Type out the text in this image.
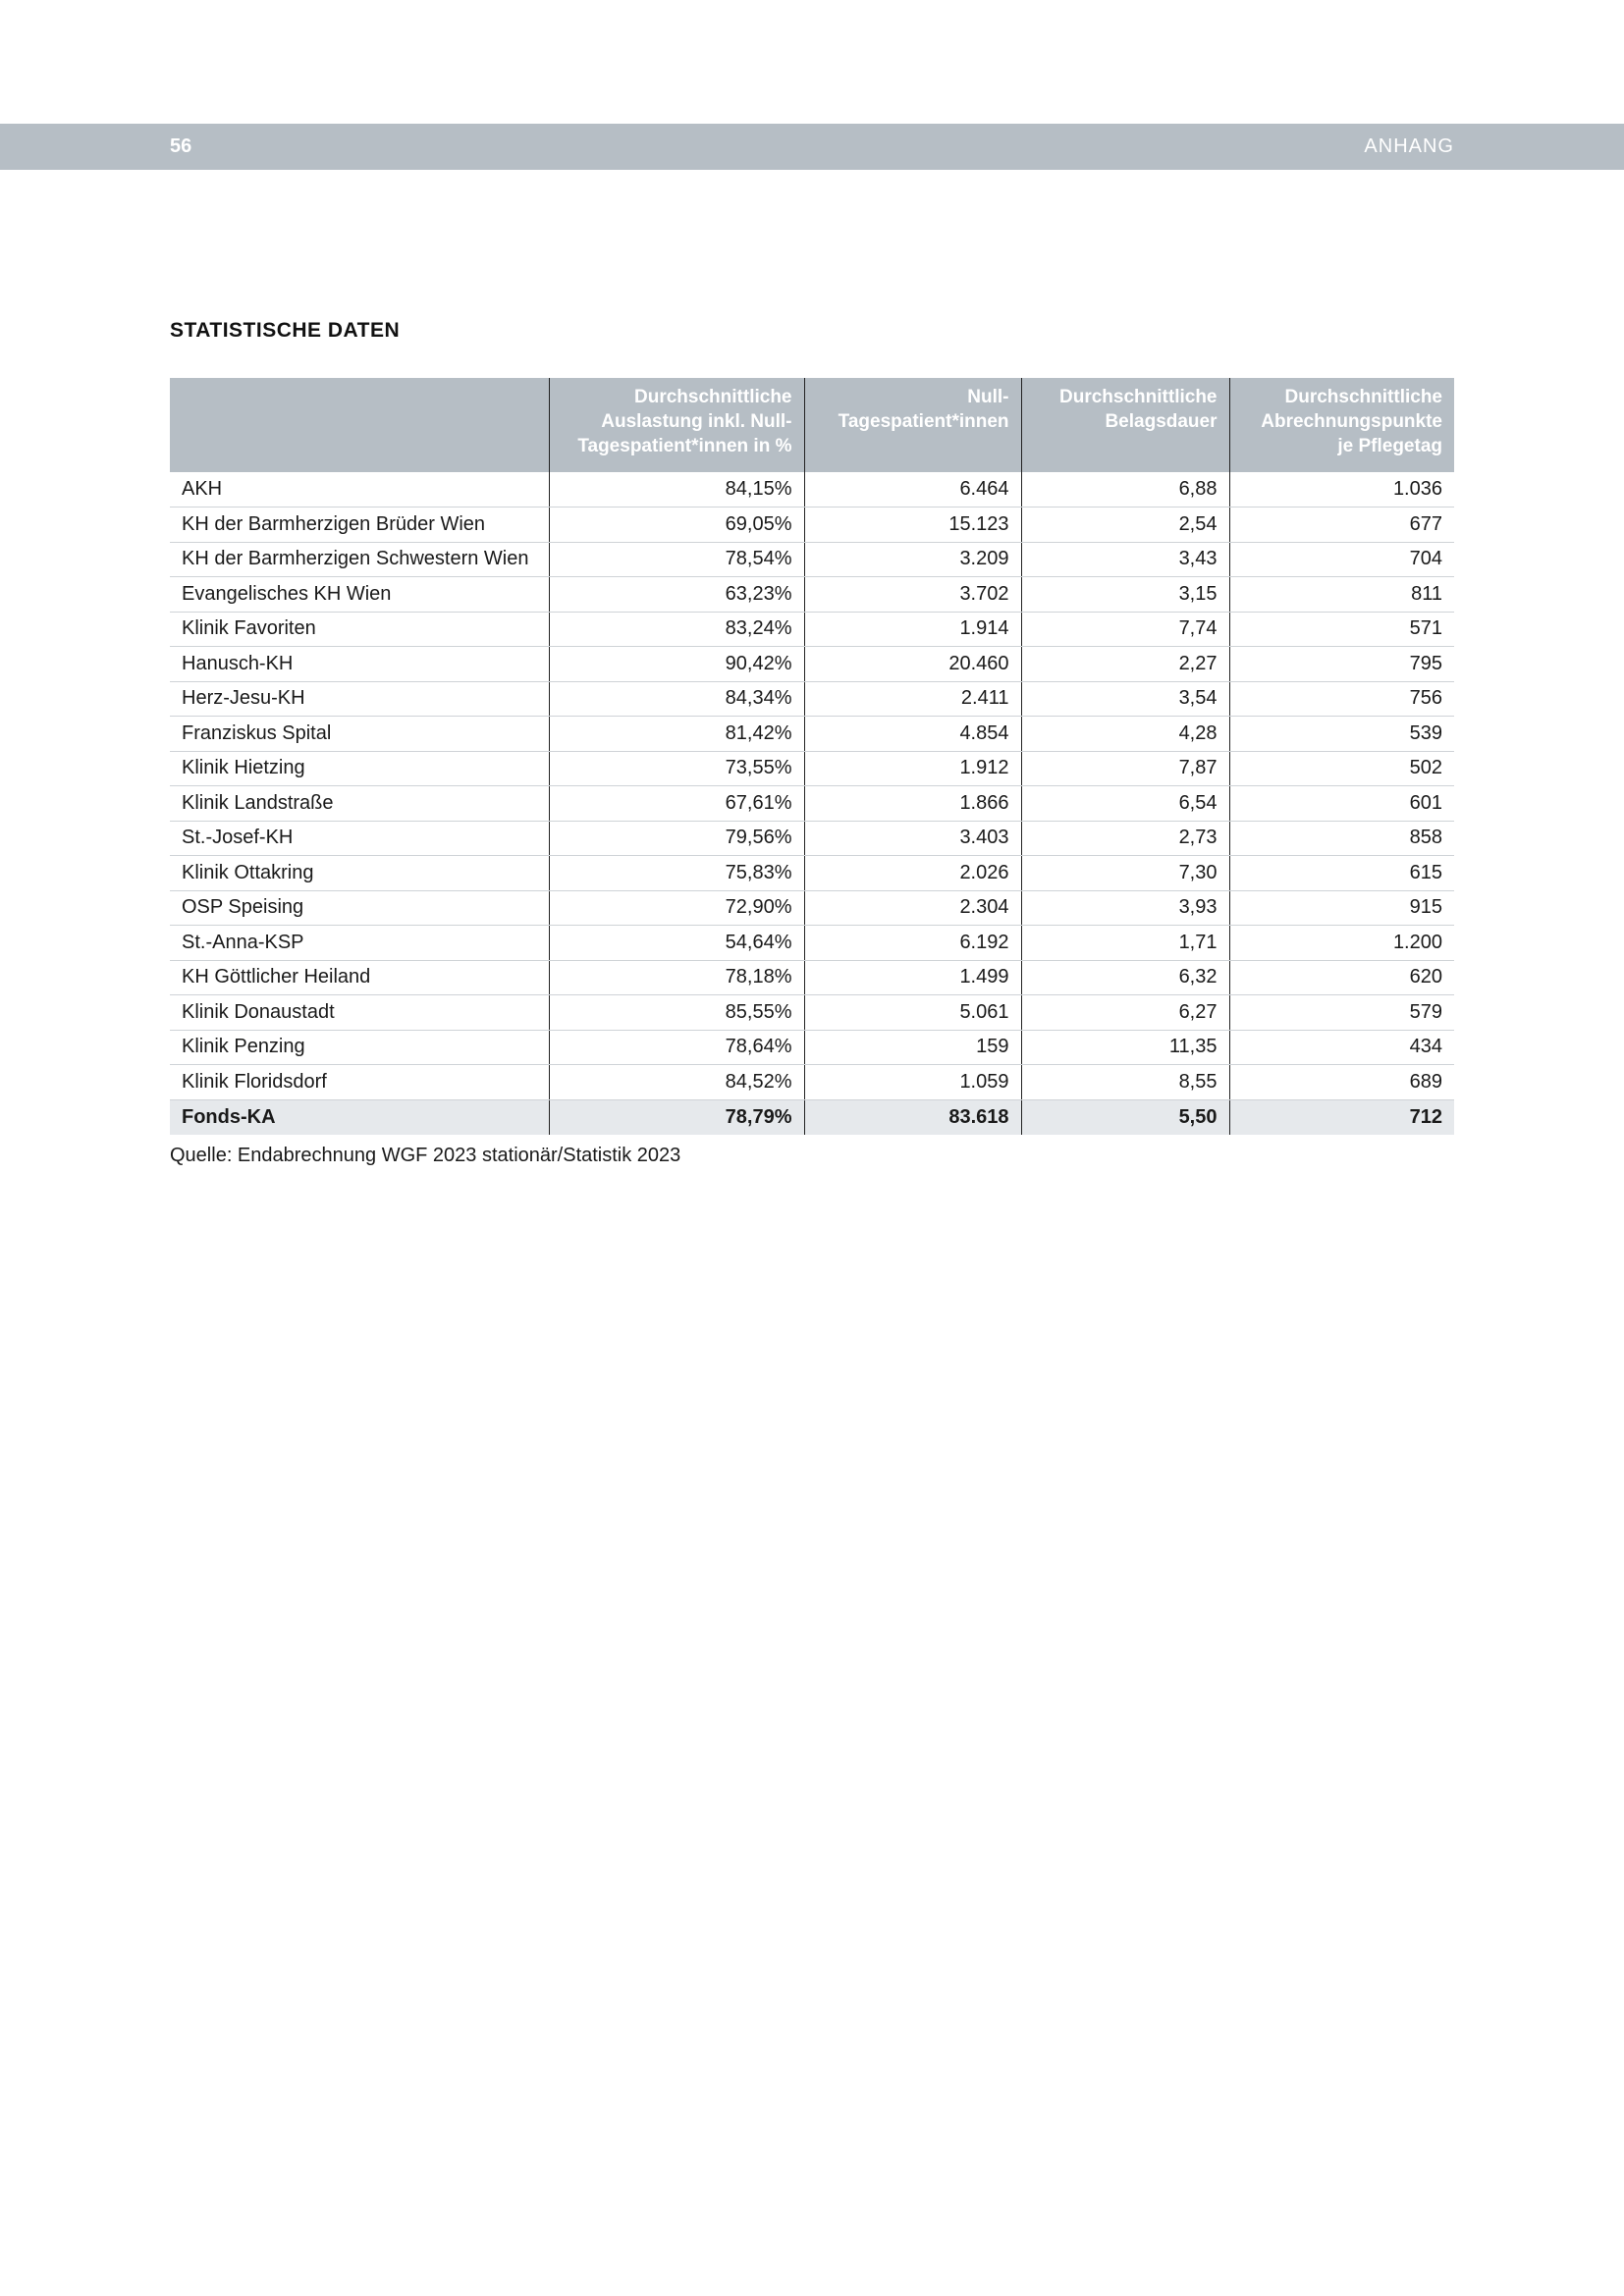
56	ANHANG
STATISTISCHE DATEN
	Durchschnittliche Auslastung inkl. Null-Tagespatient*innen in %	Null-Tagespatient*innen	Durchschnittliche Belagsdauer	Durchschnittliche Abrechnungspunkte je Pflegetag
AKH	84,15%	6.464	6,88	1.036
KH der Barmherzigen Brüder Wien	69,05%	15.123	2,54	677
KH der Barmherzigen Schwestern Wien	78,54%	3.209	3,43	704
Evangelisches KH Wien	63,23%	3.702	3,15	811
Klinik Favoriten	83,24%	1.914	7,74	571
Hanusch-KH	90,42%	20.460	2,27	795
Herz-Jesu-KH	84,34%	2.411	3,54	756
Franziskus Spital	81,42%	4.854	4,28	539
Klinik Hietzing	73,55%	1.912	7,87	502
Klinik Landstraße	67,61%	1.866	6,54	601
St.-Josef-KH	79,56%	3.403	2,73	858
Klinik Ottakring	75,83%	2.026	7,30	615
OSP Speising	72,90%	2.304	3,93	915
St.-Anna-KSP	54,64%	6.192	1,71	1.200
KH Göttlicher Heiland	78,18%	1.499	6,32	620
Klinik Donaustadt	85,55%	5.061	6,27	579
Klinik Penzing	78,64%	159	11,35	434
Klinik Floridsdorf	84,52%	1.059	8,55	689
Fonds-KA	78,79%	83.618	5,50	712
Quelle: Endabrechnung WGF 2023 stationär/Statistik 2023
